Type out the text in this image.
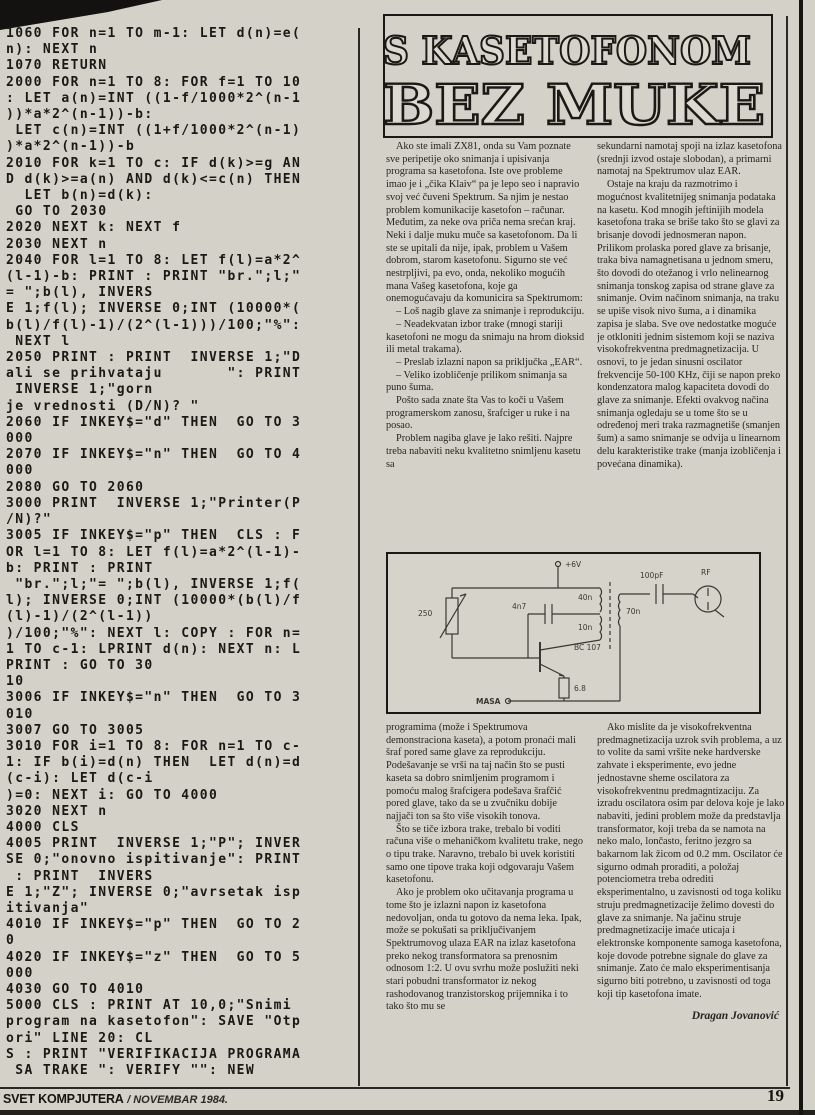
1060 FOR n=1 TO m-1: LET d(n)=e(
n): NEXT n
1070 RETURN
2000 FOR n=1 TO 8: FOR f=1 TO 10
: LET a(n)=INT ((1-f/1000*2^(n-1
))*a*2^(n-1))-b:
LET c(n)=INT ((1+f/1000*2^(n-1)
)*a*2^(n-1))-b
2010 FOR k=1 TO c: IF d(k)>=g AN
D d(k)>=a(n) AND d(k)<=c(n) THEN
LET b(n)=d(k):
GO TO 2030
2020 NEXT k: NEXT f
2030 NEXT n
2040 FOR l=1 TO 8: LET f(l)=a*2^
(l-1)-b: PRINT : PRINT "br.";l;"
= ";b(l), INVERS
E 1;f(l); INVERSE 0;INT (10000*(
b(l)/f(l)-1)/(2^(l-1)))/100;"%":
NEXT l
2050 PRINT : PRINT  INVERSE 1;"D
ali se prihvataju       ": PRINT
INVERSE 1;"gorn
je vrednosti (D/N)? "
2060 IF INKEY$="d" THEN  GO TO 3
000
2070 IF INKEY$="n" THEN  GO TO 4
000
2080 GO TO 2060
3000 PRINT  INVERSE 1;"Printer(P
/N)?"
3005 IF INKEY$="p" THEN  CLS : F
OR l=1 TO 8: LET f(l)=a*2^(l-1)-
b: PRINT : PRINT
"br.";l;"= ";b(l), INVERSE 1;f(
l); INVERSE 0;INT (10000*(b(l)/f
(l)-1)/(2^(l-1))
)/100;"%": NEXT l: COPY : FOR n=
1 TO c-1: LPRINT d(n): NEXT n: L
PRINT : GO TO 30
10
3006 IF INKEY$="n" THEN  GO TO 3
010
3007 GO TO 3005
3010 FOR i=1 TO 8: FOR n=1 TO c-
1: IF b(i)=d(n) THEN  LET d(n)=d
(c-i): LET d(c-i
)=0: NEXT i: GO TO 4000
3020 NEXT n
4000 CLS
4005 PRINT  INVERSE 1;"P"; INVER
SE 0;"onovno ispitivanje": PRINT
: PRINT  INVERS
E 1;"Z"; INVERSE 0;"avrsetak isp
itivanja"
4010 IF INKEY$="p" THEN  GO TO 2
0
4020 IF INKEY$="z" THEN  GO TO 5
000
4030 GO TO 4010
5000 CLS : PRINT AT 10,0;"Snimi
program na kasetofon": SAVE "Otp
ori" LINE 20: CL
S : PRINT "VERIFIKACIJA PROGRAMA
SA TRAKE ": VERIFY "": NEW
S KASETOFONOM
BEZ MUKE
Ako ste imali ZX81, onda su Vam poznate sve peripetije oko snimanja i upisivanja programa sa kasetofona. Iste ove probleme imao je i „čika Klaiv“ pa je lepo seo i napravio svoj već čuveni Spektrum. Sa njim je nestao problem komunikacije kasetofon – računar. Međutim, za neke ova priča nema srećan kraj. Neki i dalje muku muče sa kasetofonom. Da li ste se upitali da nije, ipak, problem u Vašem dobrom, starom kasetofonu. Sigurno ste već nestrpljivi, pa evo, onda, nekoliko mogućih mana Vašeg kasetofona, koje ga onemogućavaju da komunicira sa Spektrumom:
– Loš nagib glave za snimanje i reprodukciju.
– Neadekvatan izbor trake (mnogi stariji kasetofoni ne mogu da snimaju na hrom dioksid ili metal trakama).
– Preslab izlazni napon sa priključka „EAR“.
– Veliko izobličenje prilikom snimanja sa puno šuma.
Pošto sada znate šta Vas to koči u Vašem programerskom zanosu, šrafciger u ruke i na posao.
Problem nagiba glave je lako rešiti. Najpre treba nabaviti neku kvalitetno snimljenu kasetu sa
sekundarni namotaj spoji na izlaz kasetofona (srednji izvod ostaje slobodan), a primarni namotaj na Spektrumov ulaz EAR.
Ostaje na kraju da razmotrimo i mogućnost kvalitetnijeg snimanja podataka na kasetu. Kod mnogih jeftinijih modela kasetofona traka se briše tako što se glavi za brisanje dovodi jednosmeran napon. Prilikom prolaska pored glave za brisanje, traka biva namagnetisana u jednom smeru, što dovodi do otežanog i vrlo nelinearnog snimanja tonskog zapisa od strane glave za snimanje. Ovim načinom snimanja, na traku se upiše visok nivo šuma, a i dinamika zapisa je slaba. Sve ove nedostatke moguće je otkloniti jednim sistemom koji se naziva visokofrekventna predmagnetizacija. U osnovi, to je jedan sinusni oscilator frekvencije 50-100 KHz, čiji se napon preko kondenzatora malog kapaciteta dovodi do glave za snimanje. Efekti ovakvog načina snimanja ogledaju se u tome što se u određenoj meri traka razmagnetiše (smanjen šum) a samo snimanje se odvija u linearnom delu karakteristike trake (manja izobličenja i povećana dinamika).
+6V
250
4n7
40n
10n
70n
100pF	RF
6.8
BC 107
MASA
programima (može i Spektrumova demonstraciona kaseta), a potom pronaći mali šraf pored same glave za reprodukciju.
Podešavanje se vrši na taj način što se pusti kaseta sa dobro snimljenim programom i pomoću malog šrafcigera podešava šrafčić pored glave, tako da se u zvučniku dobije najjači ton sa što više visokih tonova.
Što se tiče izbora trake, trebalo bi voditi računa više o mehaničkom kvalitetu trake, nego o tipu trake. Naravno, trebalo bi uvek koristiti samo one tipove traka koji odgovaraju Vašem kasetofonu.
Ako je problem oko učitavanja programa u tome što je izlazni napon iz kasetofona nedovoljan, onda tu gotovo da nema leka. Ipak, može se pokušati sa priključivanjem Spektrumovog ulaza EAR na izlaz kasetofona preko nekog transformatora sa prenosnim odnosom 1:2. U ovu svrhu može poslužiti neki stari pobudni transformator iz nekog rashodovanog tranzistorskog prijemnika i to tako što mu se
Ako mislite da je visokofrekventna predmagnetizacija uzrok svih problema, a uz to volite da sami vršite neke hardverske zahvate i eksperimente, evo jedne jednostavne sheme oscilatora za visokofrekventnu predmagntizaciju. Za izradu oscilatora osim par delova koje je lako nabaviti, jedini problem može da predstavlja transformator, koji treba da se namota na neko malo, lončasto, feritno jezgro sa bakarnom lak žicom od 0.2 mm. Oscilator će sigurno odmah proraditi, a položaj potenciometra treba odrediti eksperimentalno, u zavisnosti od toga koliku struju predmagnetizacije želimo dovesti do glave za snimanje. Na jačinu struje predmagnetizacije imaće uticaja i elektronske komponente samoga kasetofona, koje dovode potrebne signale do glave za snimanje. Zato će malo eksperimentisanja sigurno biti potrebno, u zavisnosti od toga koji tip kasetofona imate.
Dragan Jovanović
SVET KOMPJUTERA / NOVEMBAR 1984.	19
